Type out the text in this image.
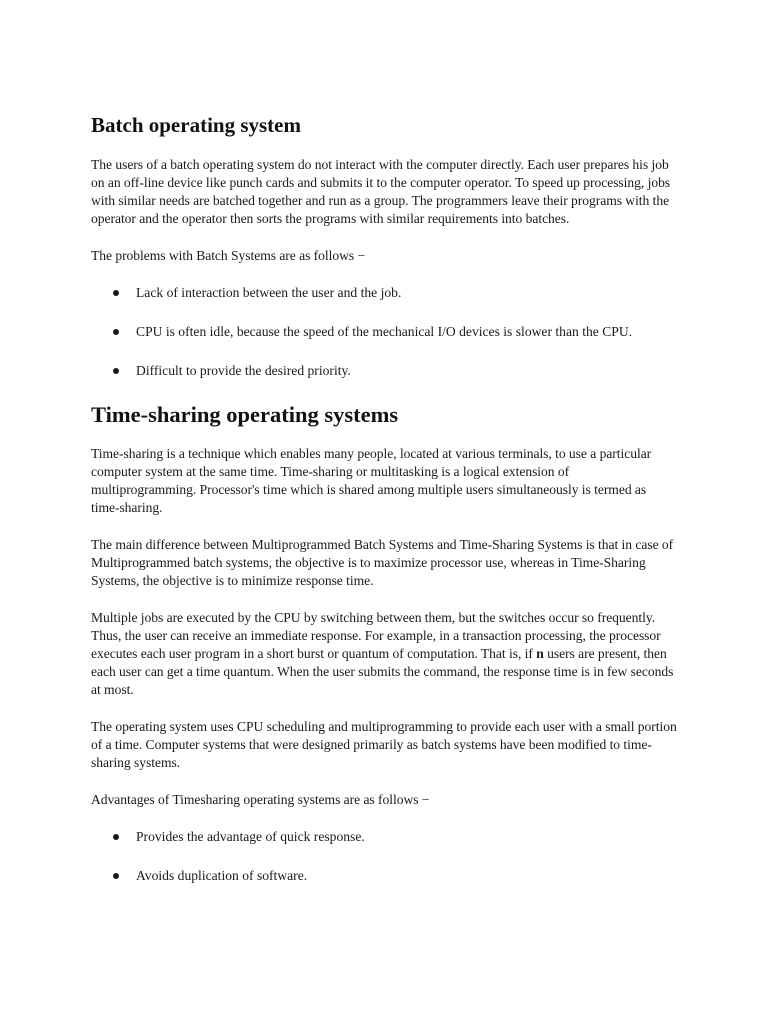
Batch operating system

The users of a batch operating system do not interact with the computer directly. Each user prepares his job on an off-line device like punch cards and submits it to the computer operator. To speed up processing, jobs with similar needs are batched together and run as a group. The programmers leave their programs with the operator and the operator then sorts the programs with similar requirements into batches.

The problems with Batch Systems are as follows −

Lack of interaction between the user and the job.
CPU is often idle, because the speed of the mechanical I/O devices is slower than the CPU.
Difficult to provide the desired priority.
Time-sharing operating systems

Time-sharing is a technique which enables many people, located at various terminals, to use a particular computer system at the same time. Time-sharing or multitasking is a logical extension of multiprogramming. Processor's time which is shared among multiple users simultaneously is termed as time-sharing.

The main difference between Multiprogrammed Batch Systems and Time-Sharing Systems is that in case of Multiprogrammed batch systems, the objective is to maximize processor use, whereas in Time-Sharing Systems, the objective is to minimize response time.

Multiple jobs are executed by the CPU by switching between them, but the switches occur so frequently. Thus, the user can receive an immediate response. For example, in a transaction processing, the processor executes each user program in a short burst or quantum of computation. That is, if n users are present, then each user can get a time quantum. When the user submits the command, the response time is in few seconds at most.

The operating system uses CPU scheduling and multiprogramming to provide each user with a small portion of a time. Computer systems that were designed primarily as batch systems have been modified to time-sharing systems.

Advantages of Timesharing operating systems are as follows −

Provides the advantage of quick response.
Avoids duplication of software.
